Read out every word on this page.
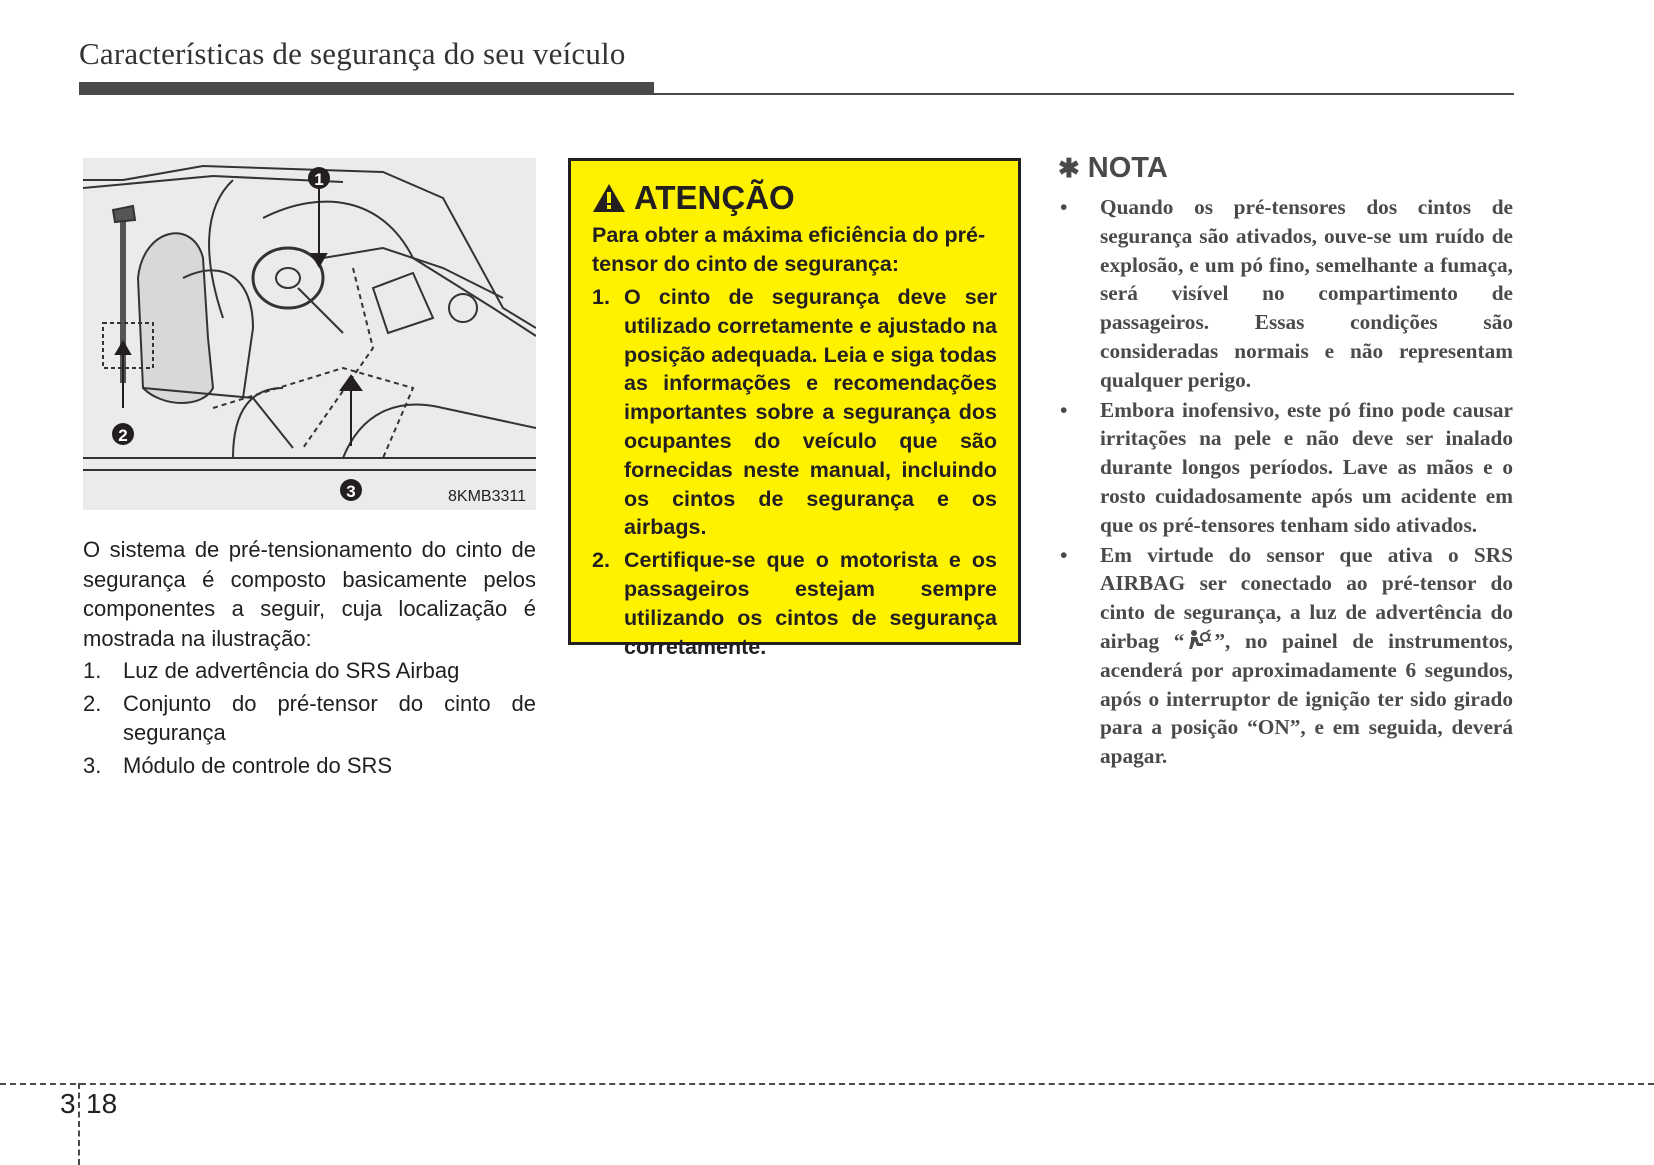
Características de segurança do seu veículo
1
2
3	8KMB3311

O sistema de pré-tensionamento do cinto de segurança é composto basicamente pelos componentes a seguir, cuja localização é mostrada na ilustração:

1. Luz de advertência do SRS Airbag
2. Conjunto do pré-tensor do cinto de segurança
3. Módulo de controle do SRS
ATENÇÃO

Para obter a máxima eficiência do pré-tensor do cinto de segurança:

1. O cinto de segurança deve ser utilizado corretamente e ajustado na posição adequada. Leia e siga todas as informações e recomendações importantes sobre a segurança dos ocupantes do veículo que são fornecidas neste manual, incluindo os cintos de segurança e os airbags.
2. Certifique-se que o motorista e os passageiros estejam sempre utilizando os cintos de segurança corretamente.
✱ NOTA
•	Quando os pré-tensores dos cintos de segurança são ativados, ouve-se um ruído de explosão, e um pó fino, semelhante a fumaça, será visível no compartimento de passageiros. Essas condições são consideradas normais e não representam qualquer perigo.
•	Embora inofensivo, este pó fino pode causar irritações na pele e não deve ser inalado durante longos períodos. Lave as mãos e o rosto cuidadosamente após um acidente em que os pré-tensores tenham sido ativados.
•	Em virtude do sensor que ativa o SRS AIRBAG ser conectado ao pré-tensor do cinto de segurança, a luz de advertência do airbag “ ”, no painel de instrumentos, acenderá por aproximadamente 6 segundos, após o interruptor de ignição ter sido girado para a posição “ON”, e em seguida, deverá apagar.
3 18
